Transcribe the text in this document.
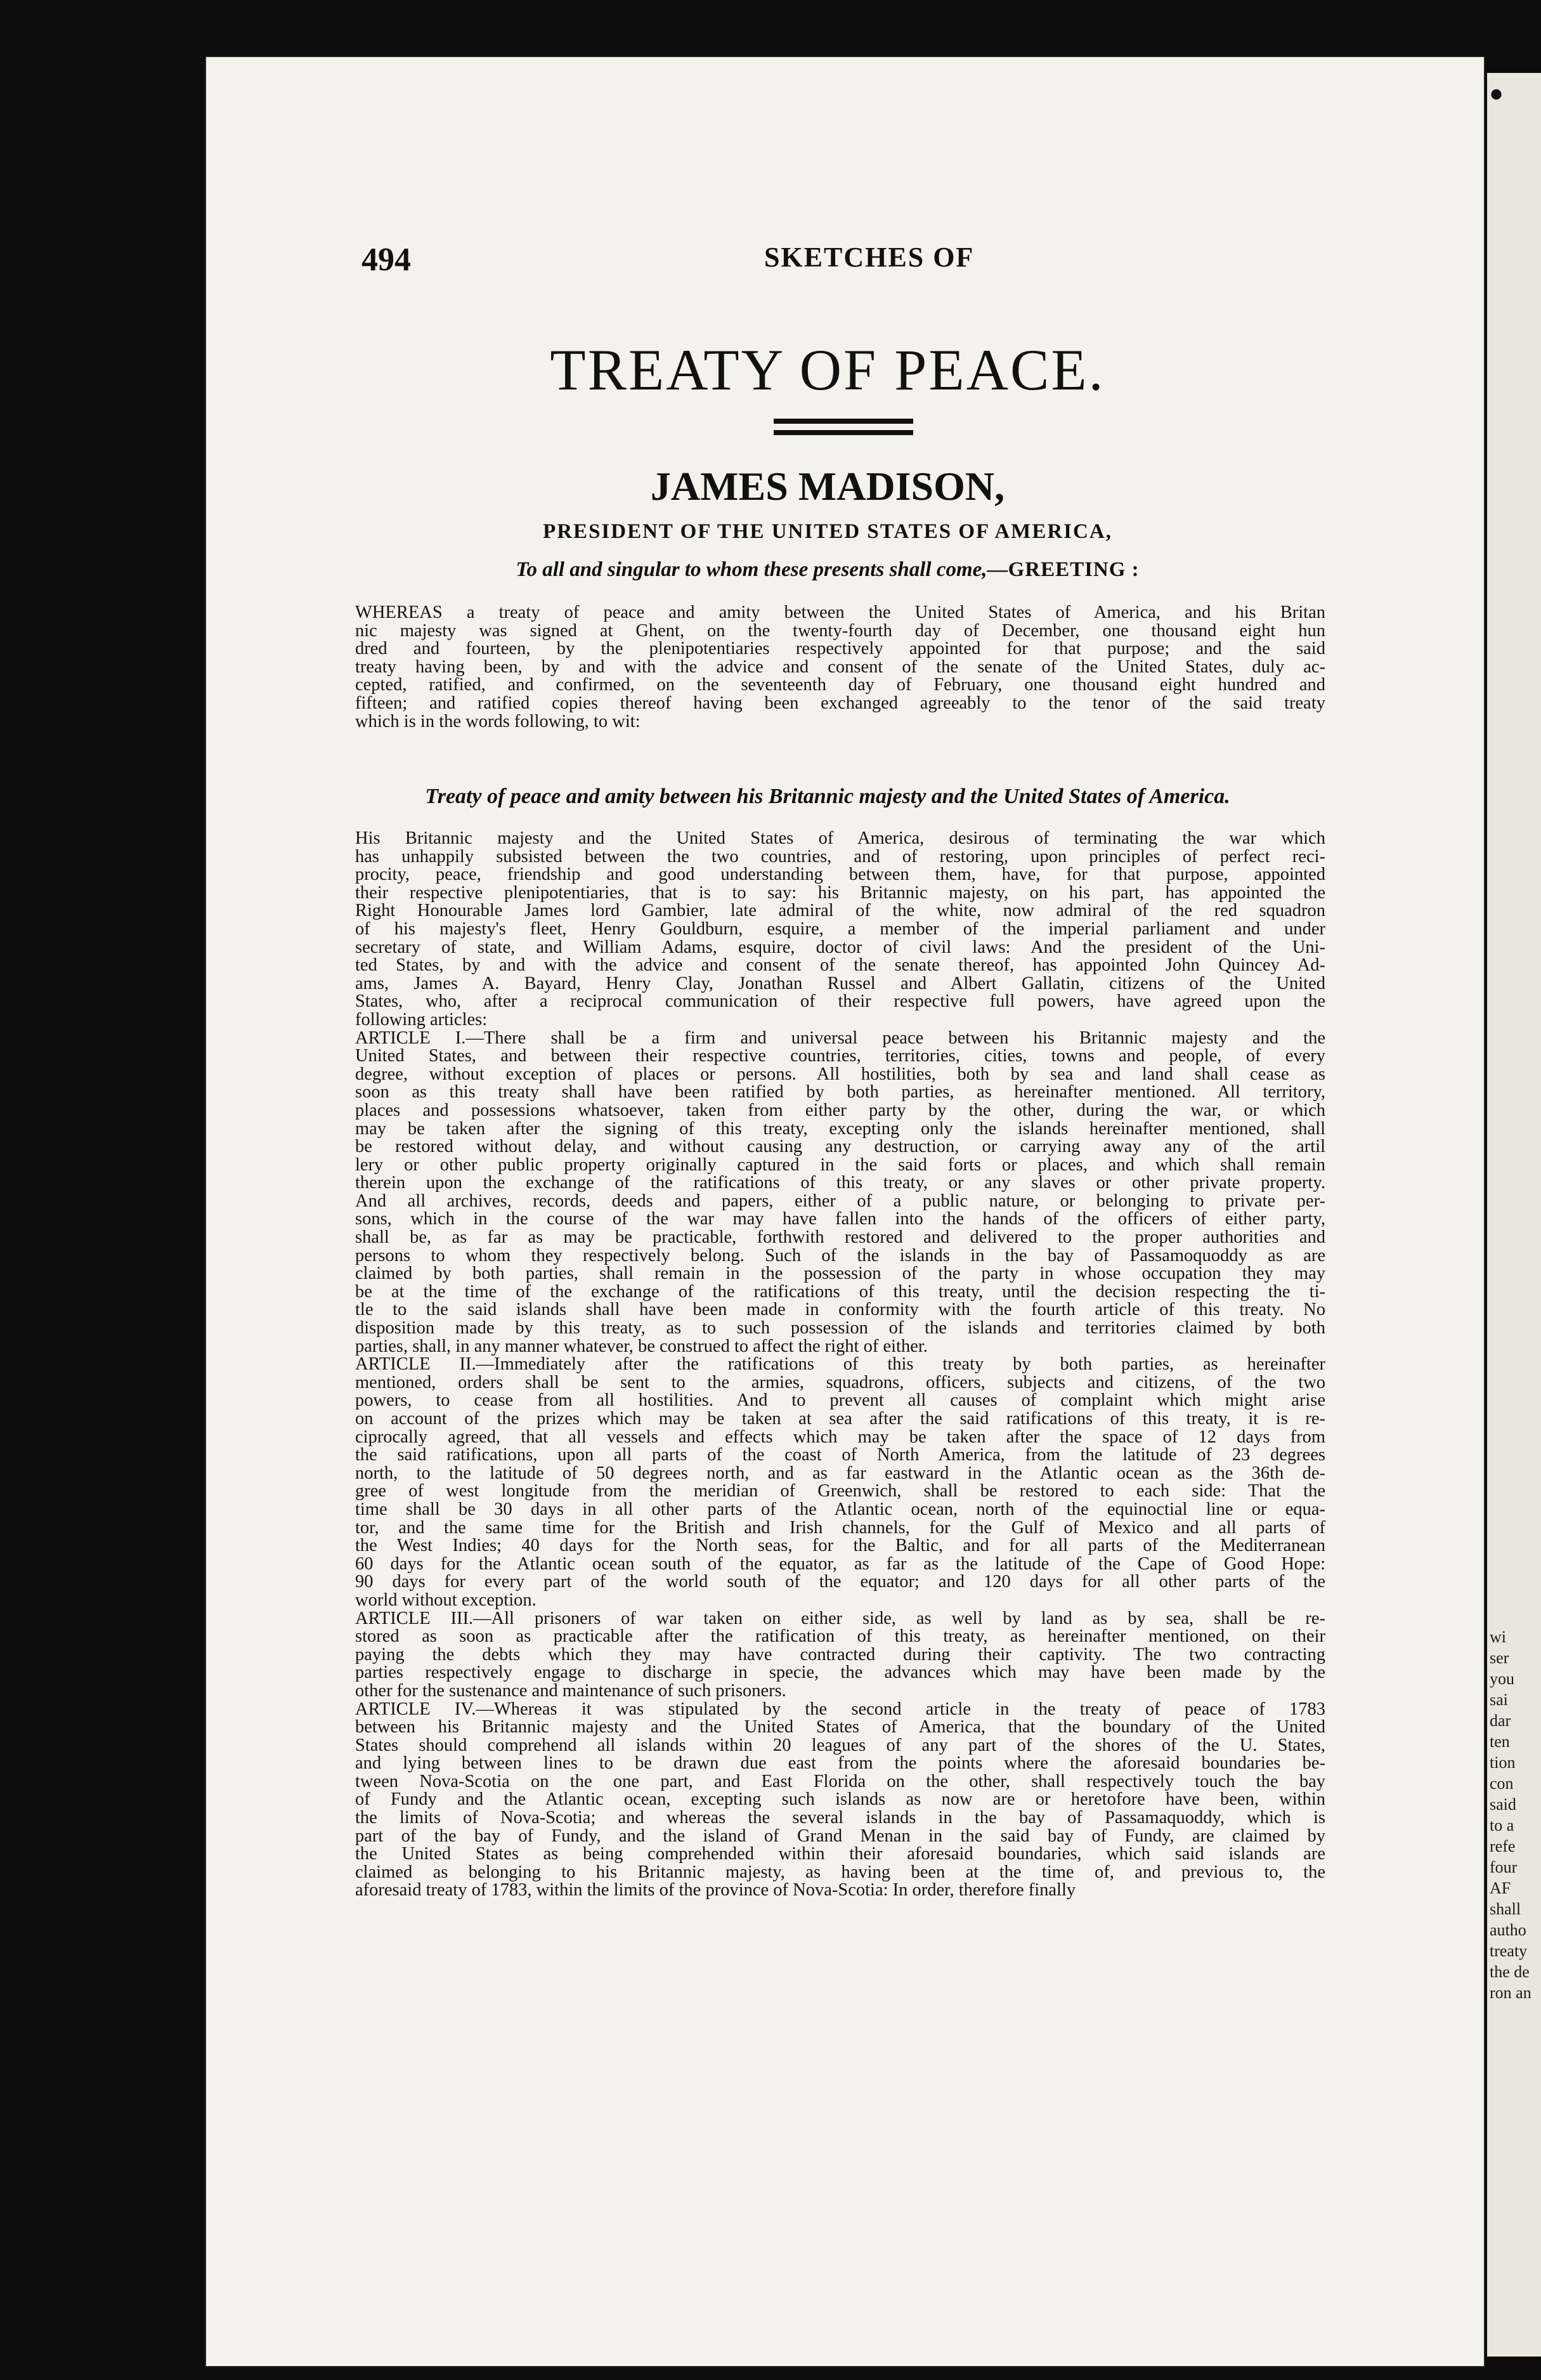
•
wi
ser
you
sai
dar
ten
tion
con
said
to a
refe
four
AF
shall
autho
treaty
the de
ron an
494	SKETCHES OF
TREATY OF PEACE.
JAMES MADISON,
PRESIDENT OF THE UNITED STATES OF AMERICA,
To all and singular to whom these presents shall come,—GREETING :

WHEREAS a treaty of peace and amity between the United States of America, and his Britan

nic majesty was signed at Ghent, on the twenty-fourth day of December, one thousand eight hun

dred and fourteen, by the plenipotentiaries respectively appointed for that purpose; and the said

treaty having been, by and with the advice and consent of the senate of the United States, duly ac-

cepted, ratified, and confirmed, on the seventeenth day of February, one thousand eight hundred and

fifteen; and ratified copies thereof having been exchanged agreeably to the tenor of the said treaty

which is in the words following, to wit:

Treaty of peace and amity between his Britannic majesty and the United States of America.

His Britannic majesty and the United States of America, desirous of terminating the war which

has unhappily subsisted between the two countries, and of restoring, upon principles of perfect reci-

procity, peace, friendship and good understanding between them, have, for that purpose, appointed

their respective plenipotentiaries, that is to say: his Britannic majesty, on his part, has appointed the

Right Honourable James lord Gambier, late admiral of the white, now admiral of the red squadron

of his majesty's fleet, Henry Gouldburn, esquire, a member of the imperial parliament and under

secretary of state, and William Adams, esquire, doctor of civil laws: And the president of the Uni-

ted States, by and with the advice and consent of the senate thereof, has appointed John Quincey Ad-

ams, James A. Bayard, Henry Clay, Jonathan Russel and Albert Gallatin, citizens of the United

States, who, after a reciprocal communication of their respective full powers, have agreed upon the

following articles:

ARTICLE I.—There shall be a firm and universal peace between his Britannic majesty and the

United States, and between their respective countries, territories, cities, towns and people, of every

degree, without exception of places or persons. All hostilities, both by sea and land shall cease as

soon as this treaty shall have been ratified by both parties, as hereinafter mentioned. All territory,

places and possessions whatsoever, taken from either party by the other, during the war, or which

may be taken after the signing of this treaty, excepting only the islands hereinafter mentioned, shall

be restored without delay, and without causing any destruction, or carrying away any of the artil

lery or other public property originally captured in the said forts or places, and which shall remain

therein upon the exchange of the ratifications of this treaty, or any slaves or other private property.

And all archives, records, deeds and papers, either of a public nature, or belonging to private per-

sons, which in the course of the war may have fallen into the hands of the officers of either party,

shall be, as far as may be practicable, forthwith restored and delivered to the proper authorities and

persons to whom they respectively belong. Such of the islands in the bay of Passamoquoddy as are

claimed by both parties, shall remain in the possession of the party in whose occupation they may

be at the time of the exchange of the ratifications of this treaty, until the decision respecting the ti-

tle to the said islands shall have been made in conformity with the fourth article of this treaty. No

disposition made by this treaty, as to such possession of the islands and territories claimed by both

parties, shall, in any manner whatever, be construed to affect the right of either.

ARTICLE II.—Immediately after the ratifications of this treaty by both parties, as hereinafter

mentioned, orders shall be sent to the armies, squadrons, officers, subjects and citizens, of the two

powers, to cease from all hostilities. And to prevent all causes of complaint which might arise

on account of the prizes which may be taken at sea after the said ratifications of this treaty, it is re-

ciprocally agreed, that all vessels and effects which may be taken after the space of 12 days from

the said ratifications, upon all parts of the coast of North America, from the latitude of 23 degrees

north, to the latitude of 50 degrees north, and as far eastward in the Atlantic ocean as the 36th de-

gree of west longitude from the meridian of Greenwich, shall be restored to each side: That the

time shall be 30 days in all other parts of the Atlantic ocean, north of the equinoctial line or equa-

tor, and the same time for the British and Irish channels, for the Gulf of Mexico and all parts of

the West Indies; 40 days for the North seas, for the Baltic, and for all parts of the Mediterranean

60 days for the Atlantic ocean south of the equator, as far as the latitude of the Cape of Good Hope:

90 days for every part of the world south of the equator; and 120 days for all other parts of the

world without exception.

ARTICLE III.—All prisoners of war taken on either side, as well by land as by sea, shall be re-

stored as soon as practicable after the ratification of this treaty, as hereinafter mentioned, on their

paying the debts which they may have contracted during their captivity. The two contracting

parties respectively engage to discharge in specie, the advances which may have been made by the

other for the sustenance and maintenance of such prisoners.

ARTICLE IV.—Whereas it was stipulated by the second article in the treaty of peace of 1783

between his Britannic majesty and the United States of America, that the boundary of the United

States should comprehend all islands within 20 leagues of any part of the shores of the U. States,

and lying between lines to be drawn due east from the points where the aforesaid boundaries be-

tween Nova-Scotia on the one part, and East Florida on the other, shall respectively touch the bay

of Fundy and the Atlantic ocean, excepting such islands as now are or heretofore have been, within

the limits of Nova-Scotia; and whereas the several islands in the bay of Passamaquoddy, which is

part of the bay of Fundy, and the island of Grand Menan in the said bay of Fundy, are claimed by

the United States as being comprehended within their aforesaid boundaries, which said islands are

claimed as belonging to his Britannic majesty, as having been at the time of, and previous to, the

aforesaid treaty of 1783, within the limits of the province of Nova-Scotia: In order, therefore finally
